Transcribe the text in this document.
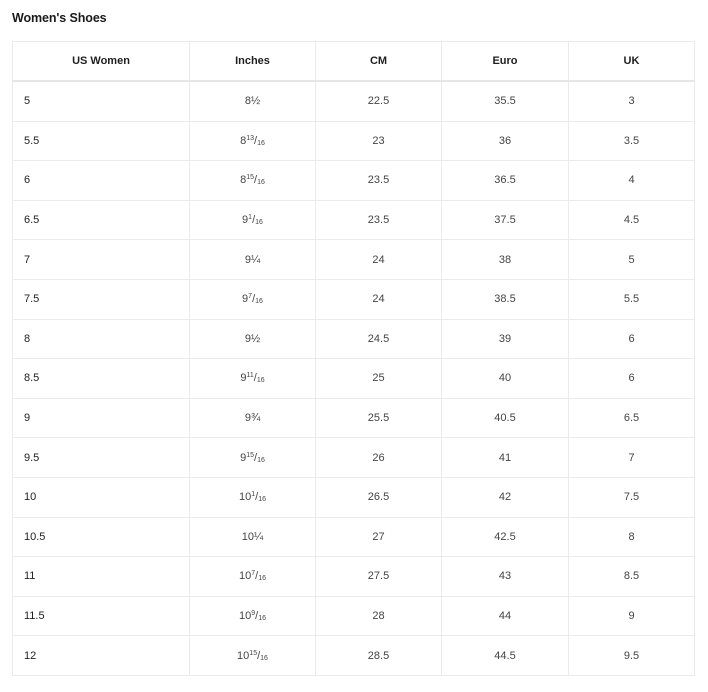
Women's Shoes
US Women	Inches	CM	Euro	UK
5	8½	22.5	35.5	3
5.5	$8^{13}/_{16}$	23	36	3.5
6	$8^{15}/_{16}$	23.5	36.5	4
6.5	$9^1/_{16}$	23.5	37.5	4.5
7	9¼	24	38	5
7.5	$9^7/_{16}$	24	38.5	5.5
8	9½	24.5	39	6
8.5	$9^{11}/_{16}$	25	40	6
9	9¾	25.5	40.5	6.5
9.5	$9^{15}/_{16}$	26	41	7
10	$10^1/_{16}$	26.5	42	7.5
10.5	10¼	27	42.5	8
11	$10^7/_{16}$	27.5	43	8.5
11.5	$10^9/_{16}$	28	44	9
12	$10^{15}/_{16}$	28.5	44.5	9.5
